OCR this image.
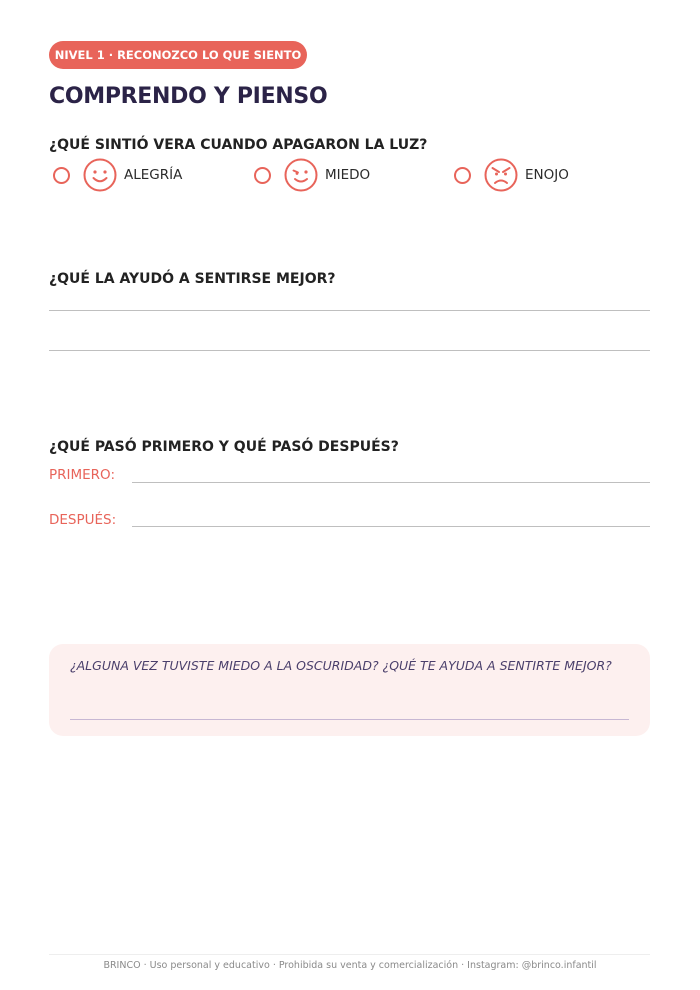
NIVEL 1 · RECONOZCO LO QUE SIENTO
COMPRENDO Y PIENSO
¿QUÉ SINTIÓ VERA CUANDO APAGARON LA LUZ?
ALEGRÍA	MIEDO	ENOJO
¿QUÉ LA AYUDÓ A SENTIRSE MEJOR?
¿QUÉ PASÓ PRIMERO Y QUÉ PASÓ DESPUÉS?
PRIMERO:
DESPUÉS:
¿ALGUNA VEZ TUVISTE MIEDO A LA OSCURIDAD? ¿QUÉ TE AYUDA A SENTIRTE MEJOR?
BRINCO · Uso personal y educativo · Prohibida su venta y comercialización · Instagram: @brinco.infantil
